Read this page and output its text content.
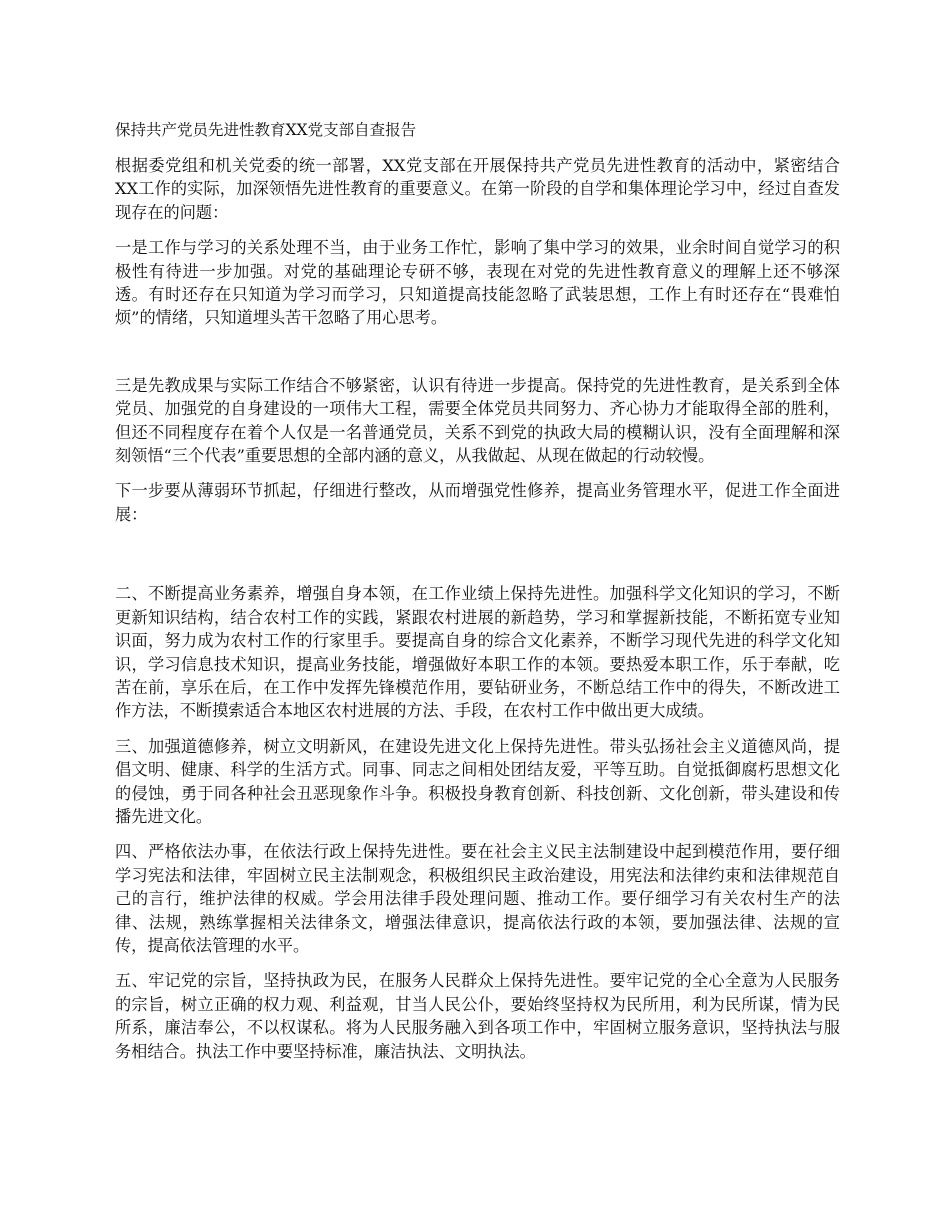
保持共产党员先进性教育XX党支部自查报告

根据委党组和机关党委的统一部署，XX党支部在开展保持共产党员先进性教育的活动中，紧密结合XX工作的实际，加深领悟先进性教育的重要意义。在第一阶段的自学和集体理论学习中，经过自查发现存在的问题：

一是工作与学习的关系处理不当，由于业务工作忙，影响了集中学习的效果，业余时间自觉学习的积极性有待进一步加强。对党的基础理论专研不够，表现在对党的先进性教育意义的理解上还不够深透。有时还存在只知道为学习而学习，只知道提高技能忽略了武装思想，工作上有时还存在“畏难怕烦”的情绪，只知道埋头苦干忽略了用心思考。

三是先教成果与实际工作结合不够紧密，认识有待进一步提高。保持党的先进性教育，是关系到全体党员、加强党的自身建设的一项伟大工程，需要全体党员共同努力、齐心协力才能取得全部的胜利，但还不同程度存在着个人仅是一名普通党员，关系不到党的执政大局的模糊认识，没有全面理解和深刻领悟“三个代表”重要思想的全部内涵的意义，从我做起、从现在做起的行动较慢。

下一步要从薄弱环节抓起，仔细进行整改，从而增强党性修养，提高业务管理水平，促进工作全面进展：

二、不断提高业务素养，增强自身本领，在工作业绩上保持先进性。加强科学文化知识的学习，不断更新知识结构，结合农村工作的实践，紧跟农村进展的新趋势，学习和掌握新技能，不断拓宽专业知识面，努力成为农村工作的行家里手。要提高自身的综合文化素养，不断学习现代先进的科学文化知识，学习信息技术知识，提高业务技能，增强做好本职工作的本领。要热爱本职工作，乐于奉献，吃苦在前，享乐在后，在工作中发挥先锋模范作用，要钻研业务，不断总结工作中的得失，不断改进工作方法，不断摸索适合本地区农村进展的方法、手段，在农村工作中做出更大成绩。

三、加强道德修养，树立文明新风，在建设先进文化上保持先进性。带头弘扬社会主义道德风尚，提倡文明、健康、科学的生活方式。同事、同志之间相处团结友爱，平等互助。自觉抵御腐朽思想文化的侵蚀，勇于同各种社会丑恶现象作斗争。积极投身教育创新、科技创新、文化创新，带头建设和传播先进文化。

四、严格依法办事，在依法行政上保持先进性。要在社会主义民主法制建设中起到模范作用，要仔细学习宪法和法律，牢固树立民主法制观念，积极组织民主政治建设，用宪法和法律约束和法律规范自己的言行，维护法律的权威。学会用法律手段处理问题、推动工作。要仔细学习有关农村生产的法律、法规，熟练掌握相关法律条文，增强法律意识，提高依法行政的本领，要加强法律、法规的宣传，提高依法管理的水平。

五、牢记党的宗旨，坚持执政为民，在服务人民群众上保持先进性。要牢记党的全心全意为人民服务的宗旨，树立正确的权力观、利益观，甘当人民公仆，要始终坚持权为民所用，利为民所谋，情为民所系，廉洁奉公，不以权谋私。将为人民服务融入到各项工作中，牢固树立服务意识，坚持执法与服务相结合。执法工作中要坚持标准，廉洁执法、文明执法。
